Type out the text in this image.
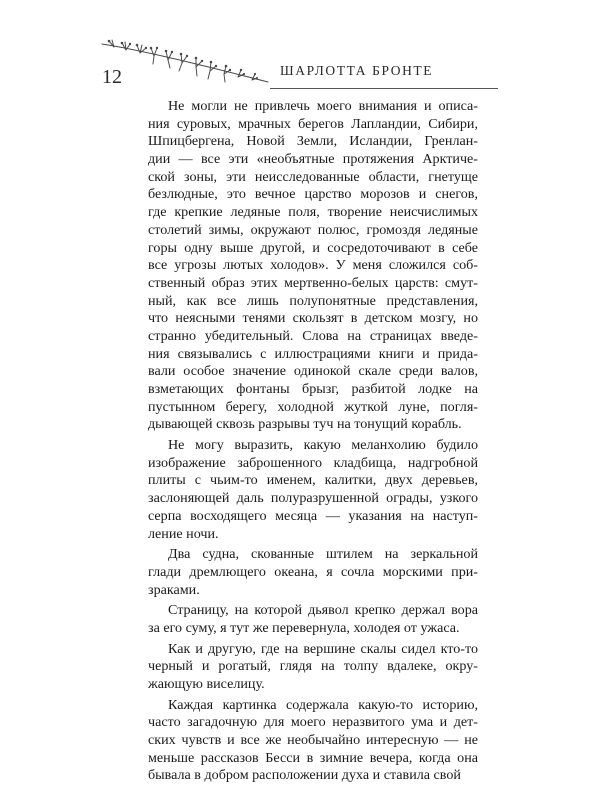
12	ШАРЛОТТА БРОНТЕ

Не могли не привлечь моего внимания и описа-
ния суровых, мрачных берегов Лапландии, Сибири,
Шпицбергена, Новой Земли, Исландии, Гренлан-
дии — все эти «необъятные протяжения Арктиче-
ской зоны, эти неисследованные области, гнетуще
безлюдные, это вечное царство морозов и снегов,
где крепкие ледяные поля, творение неисчислимых
столетий зимы, окружают полюс, громоздя ледяные
горы одну выше другой, и сосредоточивают в себе
все угрозы лютых холодов». У меня сложился соб-
ственный образ этих мертвенно-белых царств: смут-
ный, как все лишь полупонятные представления,
что неясными тенями скользят в детском мозгу, но
странно убедительный. Слова на страницах введе-
ния связывались с иллюстрациями книги и прида-
вали особое значение одинокой скале среди валов,
взметающих фонтаны брызг, разбитой лодке на
пустынном берегу, холодной жуткой луне, погля-
дывающей сквозь разрывы туч на тонущий корабль.

Не могу выразить, какую меланхолию будило
изображение заброшенного кладбища, надгробной
плиты с чьим-то именем, калитки, двух деревьев,
заслоняющей даль полуразрушенной ограды, узкого
серпа восходящего месяца — указания на наступ-
ление ночи.

Два судна, скованные штилем на зеркальной
глади дремлющего океана, я сочла морскими при-
зраками.

Страницу, на которой дьявол крепко держал вора
за его суму, я тут же перевернула, холодея от ужаса.

Как и другую, где на вершине скалы сидел кто-то
черный и рогатый, глядя на толпу вдалеке, окру-
жающую виселицу.

Каждая картинка содержала какую-то историю,
часто загадочную для моего неразвитого ума и дет-
ских чувств и все же необычайно интересную — не
меньше рассказов Бесси в зимние вечера, когда она
бывала в добром расположении духа и ставила свой
